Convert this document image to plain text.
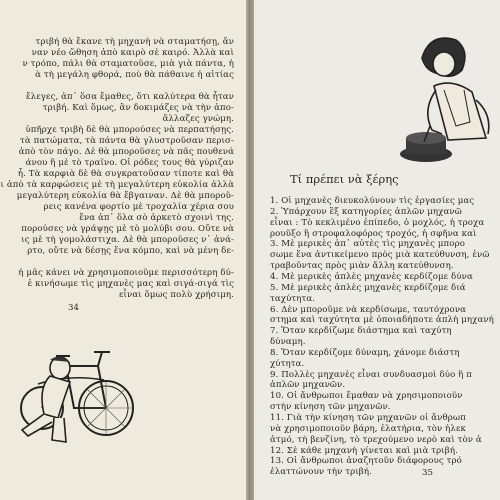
τριβή θὰ ἔκανε τὴ μηχανὴ νὰ σταματήσῃ, ἄν
ναν νέο ὤθηση ἀπὸ καιρὸ σὲ καιρό. Ἀλλὰ καὶ
ν τρόπο, πάλι θὰ σταματοῦσε, μιὰ γιὰ πάντα, ἡ
ὰ τὴ μεγάλη φθορά, ποὺ θὰ πάθαινε ἡ αἰτίας
ἔλεγες, ἀπ᾿ ὅσα ἔμαθες, ὅτι καλύτερα θὰ ἦταν
τριβή. Καὶ ὅμως, ἂν δοκιμάζες νὰ τὴν ἀπο-
ἄλλαζες γνώμη.
ὑπῆρχε τριβὴ δὲ θὰ μπορούσες νὰ περπατήσῃς.
τὰ πατώματα, τὰ πάντα θὰ γλυστροῦσαν περισ-
ἀπὸ τὸν πάγο. Δὲ θὰ μποροῦσες νὰ πᾶς πουθενά
άνου ἢ μὲ τὸ τραῖνο. Οἱ ρόδες τους θὰ γύριζαν
ἦ. Τὰ καρφιὰ δὲ θὰ συγκρατοῦσαν τίποτε καὶ θὰ
ι ἀπὸ τὰ καρφώσεις μὲ τὴ μεγαλύτερη εὐκολία ἀλλὰ
μεγαλύτερη εὐκολία θὰ ἔβγαιναν. Δὲ θὰ μποροῦ-
ρεις κανένα φορτίο μὲ τροχαλία χέρια σου
ἔνα ἀπ᾿ ὅλα σὸ ἀρκετὸ σχοινὶ της.
πορούσες νὰ γράψῃς μὲ τὸ μολύβι σου. Οὔτε νὰ
ις μὲ τὴ γομολάστιχα. Δὲ θὰ μποροῦσες ν᾿ ἀνά-
ρτο, οὔτε νὰ δέσῃς ἕνα κόμπο, καὶ νὰ μένη δε-
ἡ μᾶς κάνει νὰ χρησιμοποιοῦμε περισσότερη δύ-
ἐ κινήσωμε τὶς μηχανὲς μας καὶ σιγά-σιγά τὶς
εἶναι ὅμως πολὺ χρήσιμη.
34
Τί πρέπει νὰ ξέρης
1. Οἱ μηχανὲς διευκολύνουν τὶς ἐργασίες μας
2. Ὑπάρχουν ἓξ κατηγορίες ἁπλῶν μηχανῶ
εἶναι : Τὸ κεκλιμένο ἐπίπεδο, ὁ μοχλός, ἡ τροχα
ρουῦξο ἢ στροφαλοφόρος τροχός, ἡ σφῆνα καὶ
3. Μὲ μερικὲς ἀπ᾿ αὐτὲς τὶς μηχανὲς μπορο
σωμε ἕνα ἀντικείμενο πρὸς μιὰ κατεύθυνση, ἐνῶ
τραβοῦντας πρὸς μιὰν ἄλλη κατεύθυνση.
4. Μὲ μερικὲς ἁπλὲς μηχανὲς κερδίζομε δύνα
5. Μὲ μερικὲς ἁπλὲς μηχανὲς κερδίζομε διά
ταχύτητα.
6. Δὲν μποροῦμε νὰ κερδίσωμε, ταυτόχρονα
στημα καὶ ταχύτητα μὲ ὁποιαδήποτε ἁπλὴ μηχανή
7. Ὅταν κερδίζωμε διάστημα καὶ ταχύτη
δύναμη.
8. Ὅταν κερδίζομε δύναμη, χάνομε διάστη
χύτητα.
9. Πολλὲς μηχανὲς εἶναι συνδυασμοὶ δύο ἢ π
ἁπλῶν μηχανῶν.
10. Οἱ ἄνθρωποι ἔμαθαν νὰ χρησιμοποιοῦν
στὴν κίνηση τῶν μηχανῶν.
11. Γιὰ τὴν κίνηση τῶν μηχανῶν οἱ ἄνθρωπ
νὰ χρησιμοποιοῦν βάρη, ἐλατήρια, τὸν ἠλεκ
ἀτμό, τὴ βενζίνη, τὸ τρεχούμενο νερὸ καὶ τὸν ἀ
12. Σὲ κάθε μηχανὴ γίνεται καὶ μιὰ τριβή.
13. Οἱ ἄνθρωποι ἀναζητοῦν διάφορους τρό
ἐλαττώνουν τὴν τριβή.	35
